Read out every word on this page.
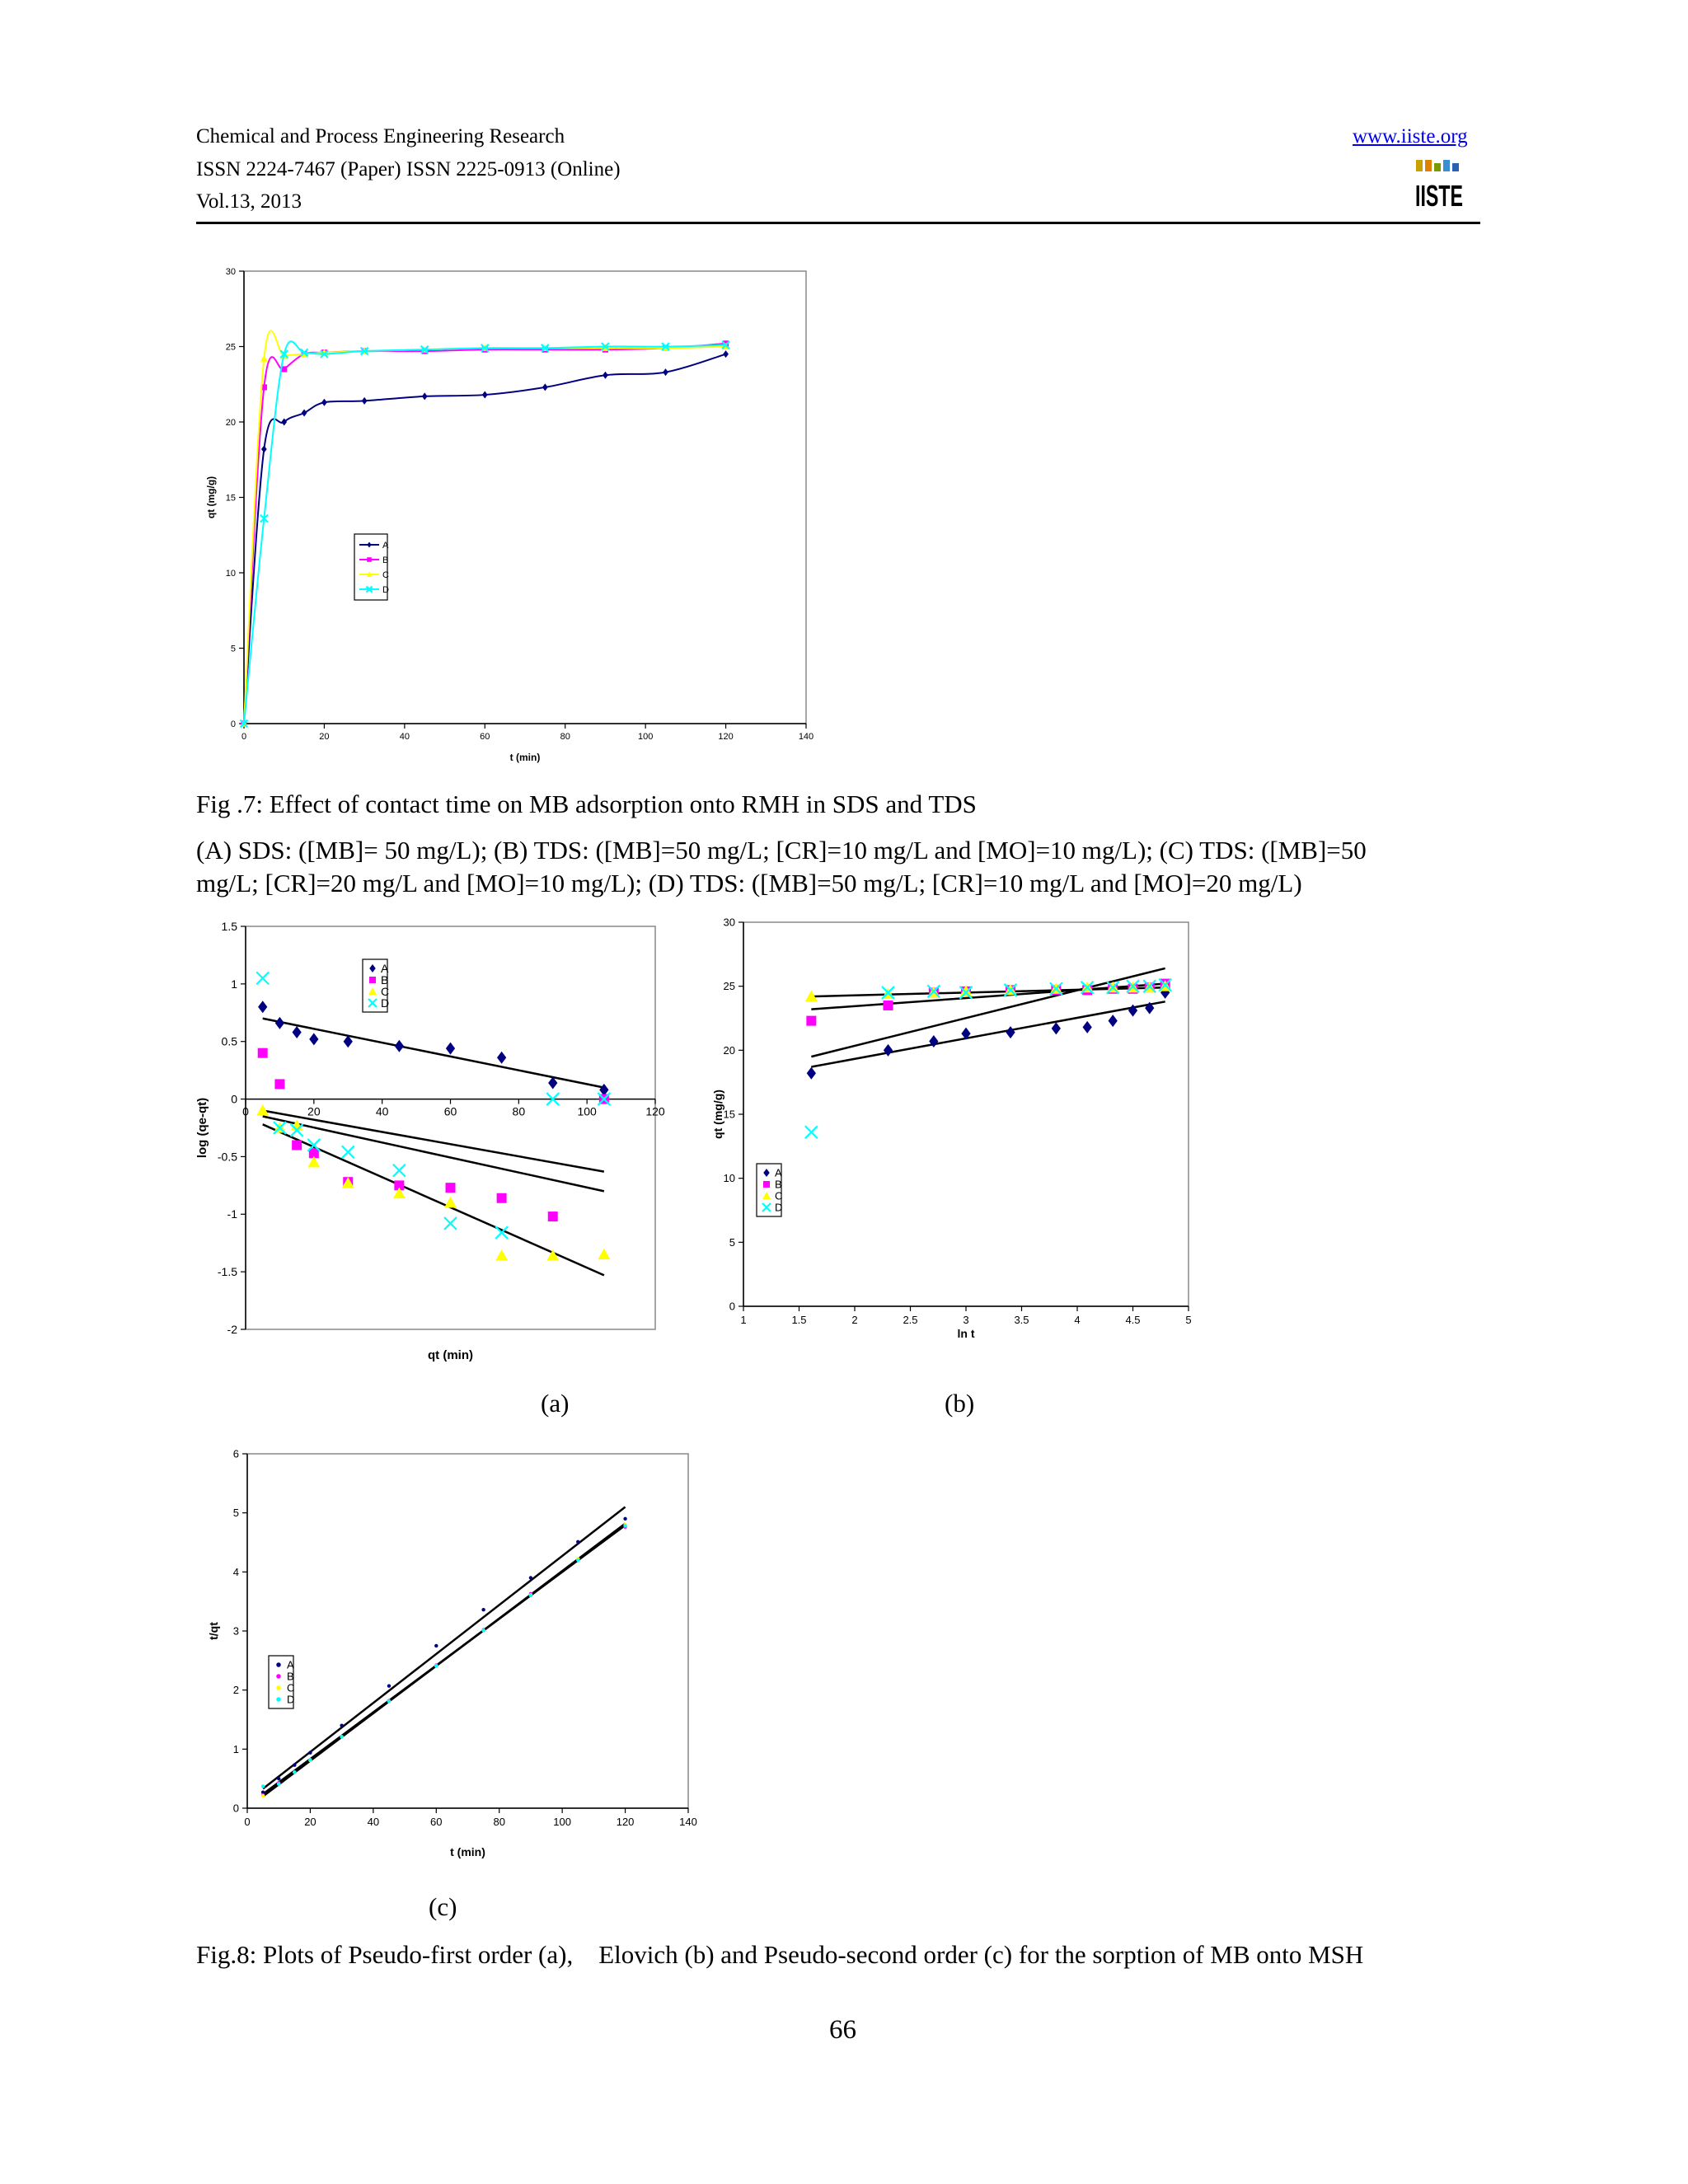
Chemical and Process Engineering Research
ISSN 2224-7467 (Paper) ISSN 2225-0913 (Online)
Vol.13, 2013
www.iiste.org
IISTE
0	20	40	60	80	100	120	140
0
5
10
15
20
25
30
t (min)
qt (mg/g)
A
B
C
D
Fig .7: Effect of contact time on MB adsorption onto RMH in SDS and TDS
(A) SDS: ([MB]= 50 mg/L); (B) TDS: ([MB]=50 mg/L; [CR]=10 mg/L and [MO]=10 mg/L); (C) TDS: ([MB]=50
mg/L; [CR]=20 mg/L and [MO]=10 mg/L); (D) TDS: ([MB]=50 mg/L; [CR]=10 mg/L and [MO]=20 mg/L)
0	20	40	60	80	100	120
-2
-1.5
-1
-0.5
0
0.5
1
1.5
qt (min)
log (qe-qt)
A
B
C
D
1	1.5	2	2.5	3	3.5	4	4.5	5
0
5
10
15
20
25
30
ln t
qt (mg/g)
A
B
C
D
(a)	(b)
0	20	40	60	80	100	120	140
0
1
2
3
4
5
6
t (min)
t/qt
A
B
C
D
(c)
Fig.8: Plots of Pseudo-first order (a),    Elovich (b) and Pseudo-second order (c) for the sorption of MB onto MSH
66
